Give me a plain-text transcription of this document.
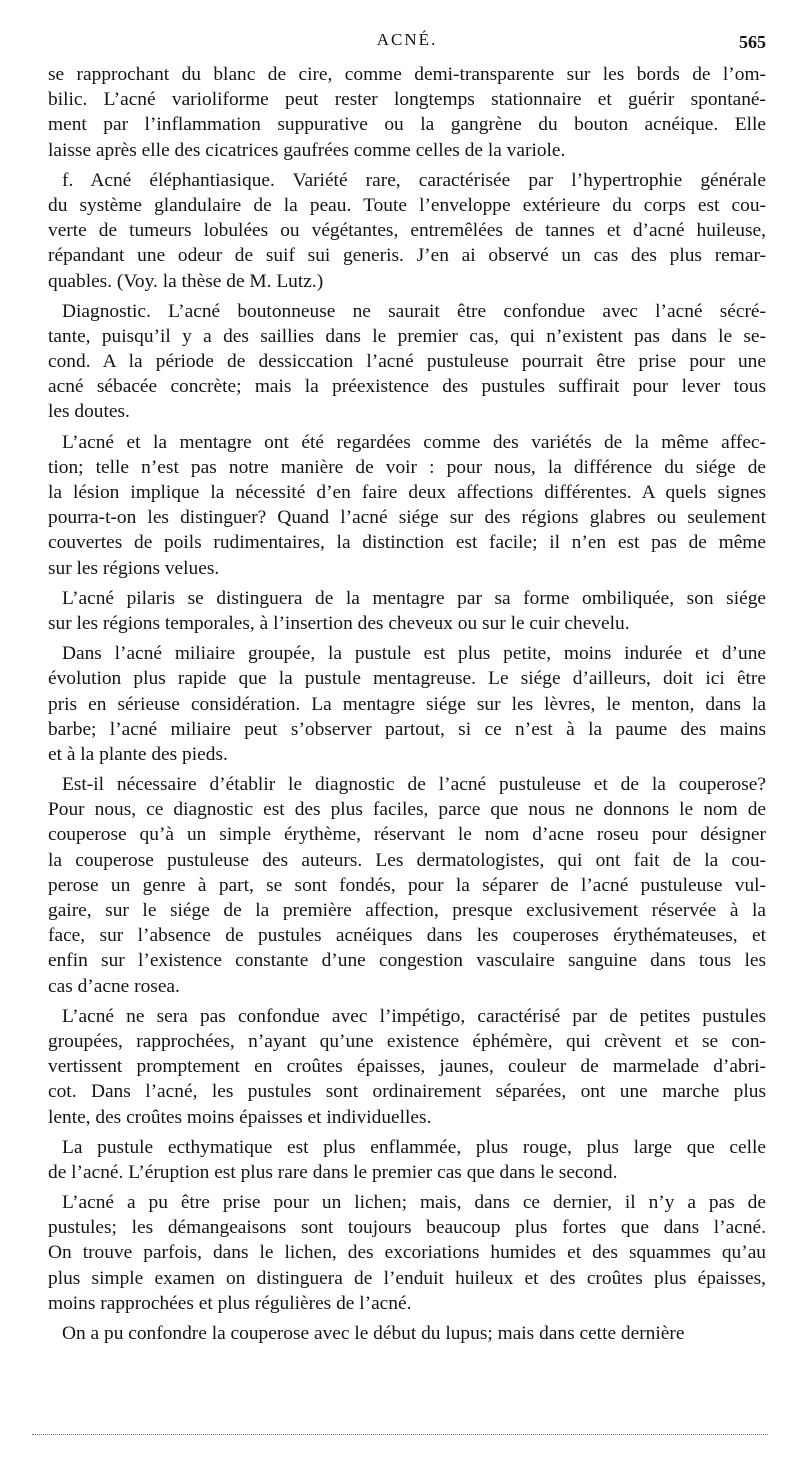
ACNÉ.	565
se rapprochant du blanc de cire, comme demi-transparente sur les bords de l’om-
bilic. L’acné varioliforme peut rester longtemps stationnaire et guérir spontané-
ment par l’inflammation suppurative ou la gangrène du bouton acnéique. Elle
laisse après elle des cicatrices gaufrées comme celles de la variole.
f. Acné éléphantiasique. Variété rare, caractérisée par l’hypertrophie générale
du système glandulaire de la peau. Toute l’enveloppe extérieure du corps est cou-
verte de tumeurs lobulées ou végétantes, entremêlées de tannes et d’acné huileuse,
répandant une odeur de suif sui generis. J’en ai observé un cas des plus remar-
quables. (Voy. la thèse de M. Lutz.)
Diagnostic. L’acné boutonneuse ne saurait être confondue avec l’acné sécré-
tante, puisqu’il y a des saillies dans le premier cas, qui n’existent pas dans le se-
cond. A la période de dessiccation l’acné pustuleuse pourrait être prise pour une
acné sébacée concrète; mais la préexistence des pustules suffirait pour lever tous
les doutes.
L’acné et la mentagre ont été regardées comme des variétés de la même affec-
tion; telle n’est pas notre manière de voir : pour nous, la différence du siége de
la lésion implique la nécessité d’en faire deux affections différentes. A quels signes
pourra-t-on les distinguer? Quand l’acné siége sur des régions glabres ou seulement
couvertes de poils rudimentaires, la distinction est facile; il n’en est pas de même
sur les régions velues.
L’acné pilaris se distinguera de la mentagre par sa forme ombiliquée, son siége
sur les régions temporales, à l’insertion des cheveux ou sur le cuir chevelu.
Dans l’acné miliaire groupée, la pustule est plus petite, moins indurée et d’une
évolution plus rapide que la pustule mentagreuse. Le siége d’ailleurs, doit ici être
pris en sérieuse considération. La mentagre siége sur les lèvres, le menton, dans la
barbe; l’acné miliaire peut s’observer partout, si ce n’est à la paume des mains
et à la plante des pieds.
Est-il nécessaire d’établir le diagnostic de l’acné pustuleuse et de la couperose?
Pour nous, ce diagnostic est des plus faciles, parce que nous ne donnons le nom de
couperose qu’à un simple érythème, réservant le nom d’acne roseu pour désigner
la couperose pustuleuse des auteurs. Les dermatologistes, qui ont fait de la cou-
perose un genre à part, se sont fondés, pour la séparer de l’acné pustuleuse vul-
gaire, sur le siége de la première affection, presque exclusivement réservée à la
face, sur l’absence de pustules acnéiques dans les couperoses érythémateuses, et
enfin sur l’existence constante d’une congestion vasculaire sanguine dans tous les
cas d’acne rosea.
L’acné ne sera pas confondue avec l’impétigo, caractérisé par de petites pustules
groupées, rapprochées, n’ayant qu’une existence éphémère, qui crèvent et se con-
vertissent promptement en croûtes épaisses, jaunes, couleur de marmelade d’abri-
cot. Dans l’acné, les pustules sont ordinairement séparées, ont une marche plus
lente, des croûtes moins épaisses et individuelles.
La pustule ecthymatique est plus enflammée, plus rouge, plus large que celle
de l’acné. L’éruption est plus rare dans le premier cas que dans le second.
L’acné a pu être prise pour un lichen; mais, dans ce dernier, il n’y a pas de
pustules; les démangeaisons sont toujours beaucoup plus fortes que dans l’acné.
On trouve parfois, dans le lichen, des excoriations humides et des squammes qu’au
plus simple examen on distinguera de l’enduit huileux et des croûtes plus épaisses,
moins rapprochées et plus régulières de l’acné.
On a pu confondre la couperose avec le début du lupus; mais dans cette dernière
